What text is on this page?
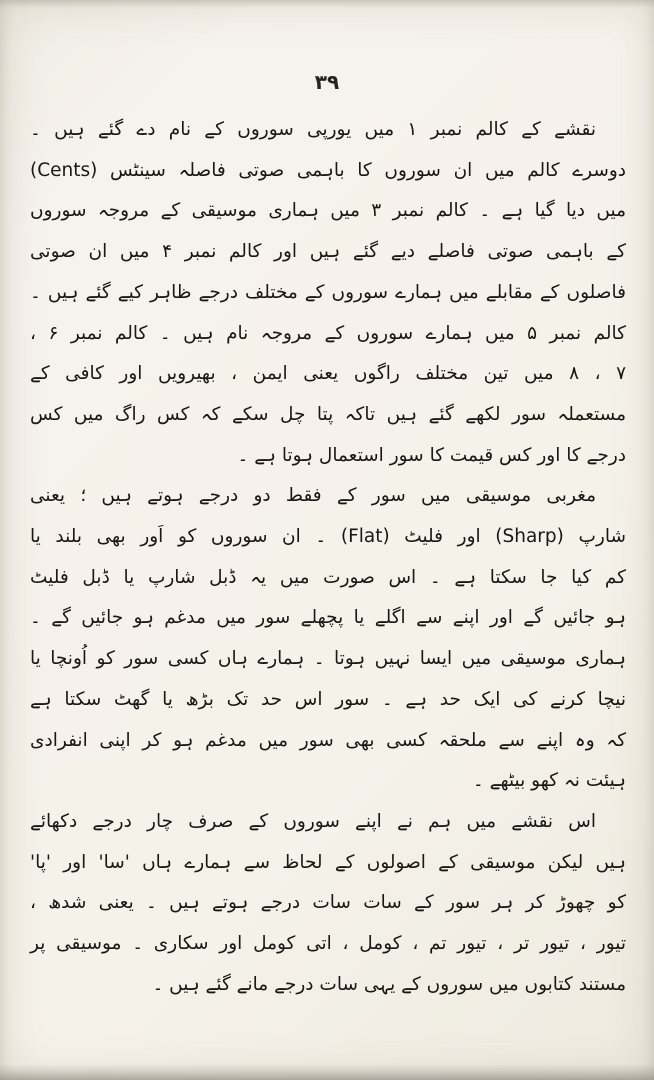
۳۹

نقشے کے کالم نمبر ۱ میں یورپی سوروں کے نام دے گئے ہیں ۔

دوسرے کالم میں ان سوروں کا باہمی صوتی فاصلہ سینٹس (Cents)

میں دیا گیا ہے ۔ کالم نمبر ۳ میں ہماری موسیقی کے مروجہ سوروں

کے باہمی صوتی فاصلے دیے گئے ہیں اور کالم نمبر ۴ میں ان صوتی

فاصلوں کے مقابلے میں ہمارے سوروں کے مختلف درجے ظاہر کیے گئے ہیں ۔

کالم نمبر ۵ میں ہمارے سوروں کے مروجہ نام ہیں ۔ کالم نمبر ۶ ،

۷ ، ۸ میں تین مختلف راگوں یعنی ایمن ، بھیرویں اور کافی کے

مستعملہ سور لکھے گئے ہیں تاکہ پتا چل سکے کہ کس راگ میں کس

درجے کا اور کس قیمت کا سور استعمال ہوتا ہے ۔

مغربی موسیقی میں سور کے فقط دو درجے ہوتے ہیں ؛ یعنی

شارپ (Sharp) اور فلیٹ (Flat) ۔ ان سوروں کو اَور بھی بلند یا

کم کیا جا سکتا ہے ۔ اس صورت میں یہ ڈبل شارپ یا ڈبل فلیٹ

ہو جائیں گے اور اپنے سے اگلے یا پچھلے سور میں مدغم ہو جائیں گے ۔

ہماری موسیقی میں ایسا نہیں ہوتا ۔ ہمارے ہاں کسی سور کو اُونچا یا

نیچا کرنے کی ایک حد ہے ۔ سور اس حد تک بڑھ یا گھٹ سکتا ہے

کہ وہ اپنے سے ملحقہ کسی بھی سور میں مدغم ہو کر اپنی انفرادی

ہیئت نہ کھو بیٹھے ۔

اس نقشے میں ہم نے اپنے سوروں کے صرف چار درجے دکھائے

ہیں لیکن موسیقی کے اصولوں کے لحاظ سے ہمارے ہاں 'سا' اور 'پا'

کو چھوڑ کر ہر سور کے سات سات درجے ہوتے ہیں ۔ یعنی شدھ ،

تیور ، تیور تر ، تیور تم ، کومل ، اتی کومل اور سکاری ۔ موسیقی پر

مستند کتابوں میں سوروں کے یہی سات درجے مانے گئے ہیں ۔
